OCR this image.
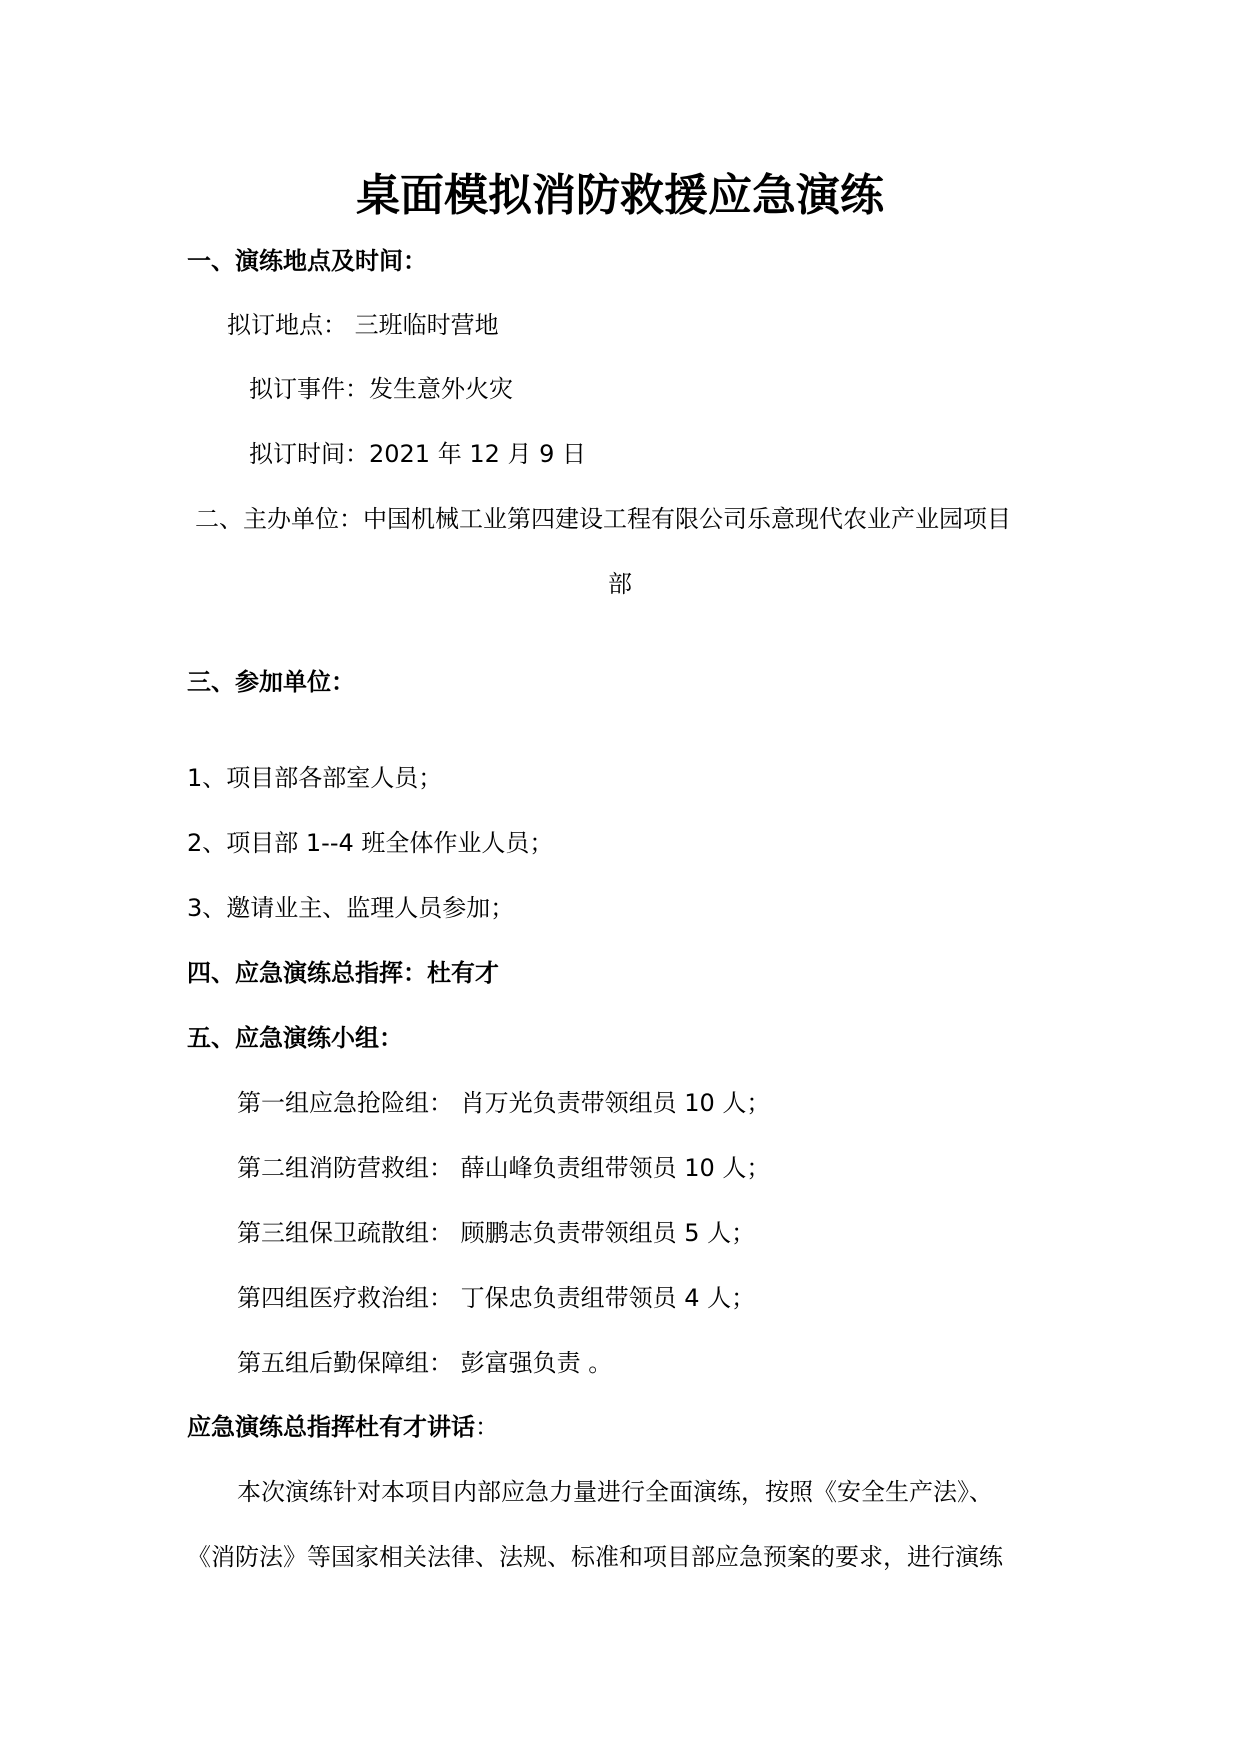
桌面模拟消防救援应急演练
一、演练地点及时间：
拟订地点： 三班临时营地
拟订事件：发生意外火灾
拟订时间：2021 年 12 月 9 日
二、主办单位：中国机械工业第四建设工程有限公司乐意现代农业产业园项目
部
三、参加单位：
1、项目部各部室人员；
2、项目部 1--4 班全体作业人员；
3、邀请业主、监理人员参加；
四、应急演练总指挥：杜有才
五、应急演练小组：
第一组应急抢险组： 肖万光负责带领组员 10 人；
第二组消防营救组： 薛山峰负责组带领员 10 人；
第三组保卫疏散组： 顾鹏志负责带领组员 5 人；
第四组医疗救治组： 丁保忠负责组带领员 4 人；
第五组后勤保障组： 彭富强负责 。
应急演练总指挥杜有才讲话：
本次演练针对本项目内部应急力量进行全面演练，按照《安全生产法》、
《消防法》等国家相关法律、法规、标准和项目部应急预案的要求，进行演练
